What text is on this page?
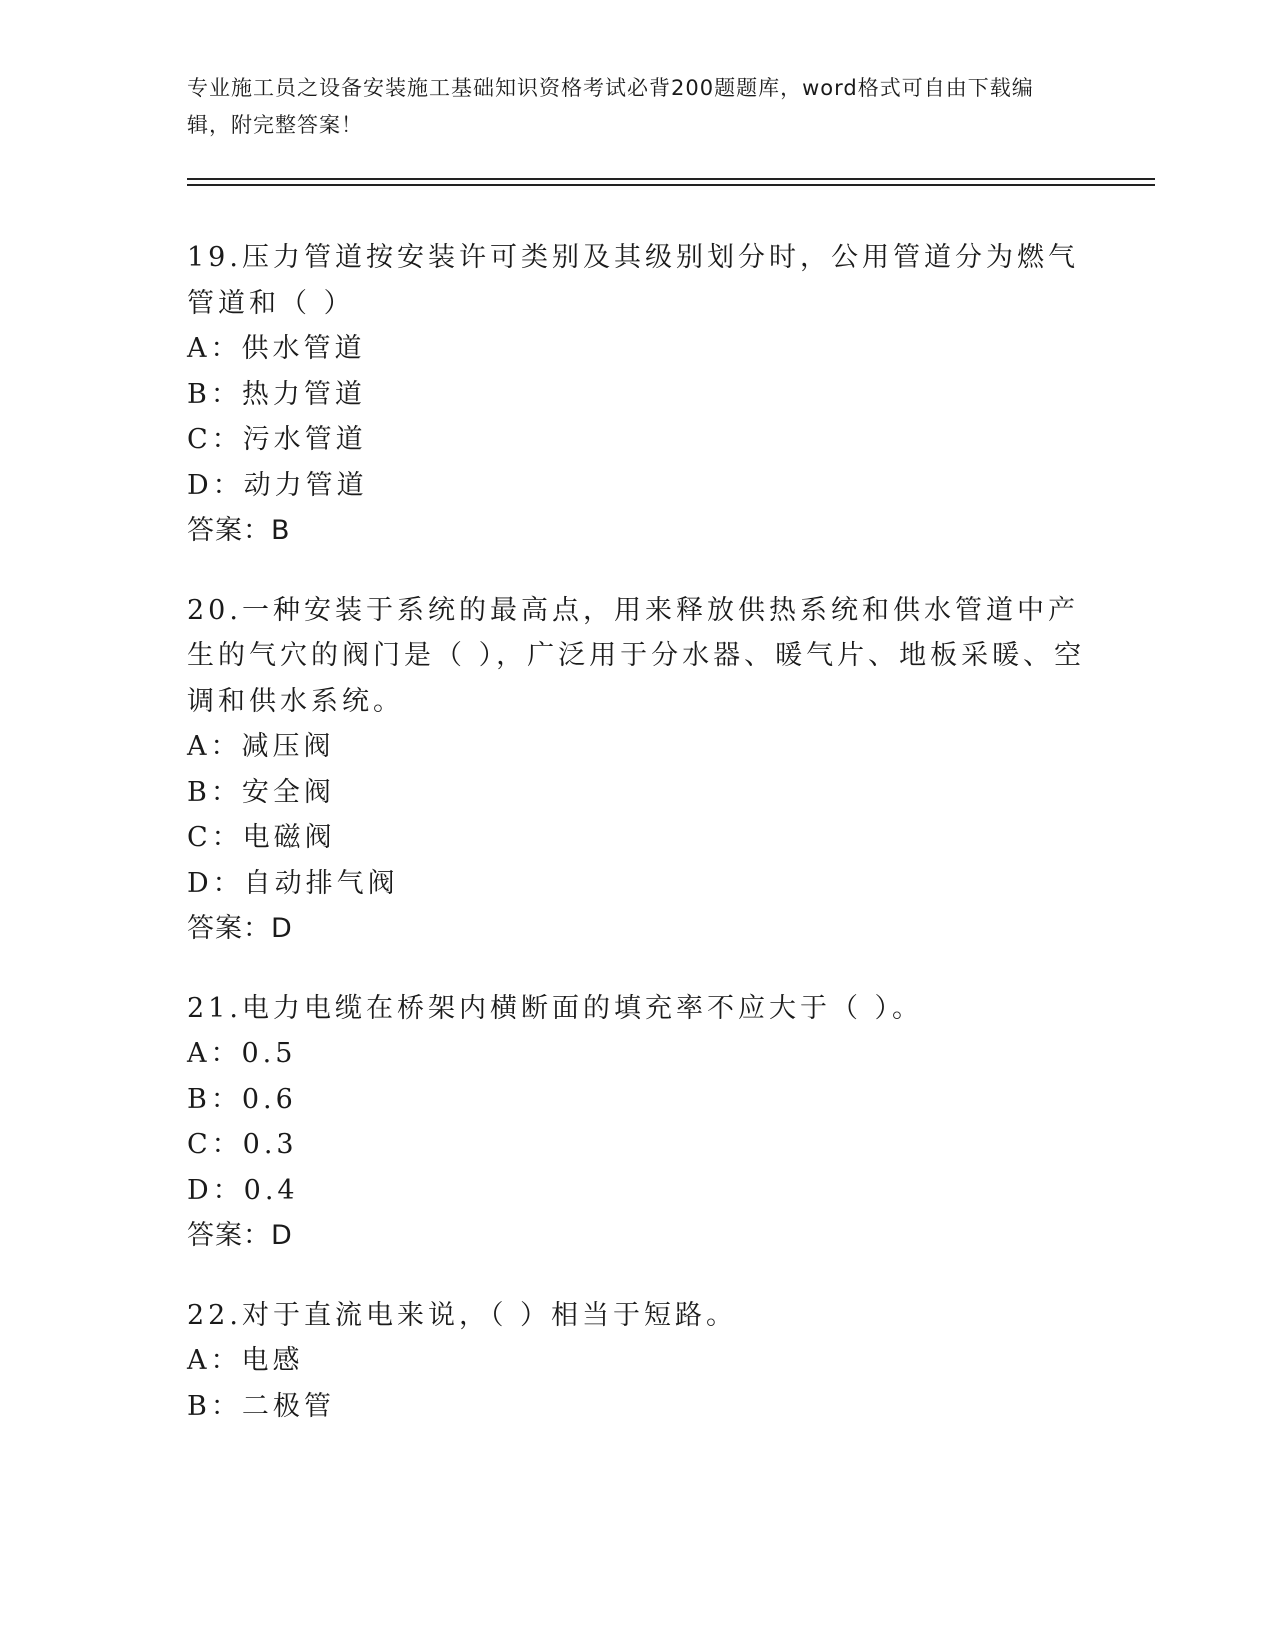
专业施工员之设备安装施工基础知识资格考试必背200题题库，word格式可自由下载编辑，附完整答案！

19.压力管道按安装许可类别及其级别划分时，公用管道分为燃气管道和（ ）

A：供水管道

B：热力管道

C：污水管道

D：动力管道

答案：B

20.一种安装于系统的最高点，用来释放供热系统和供水管道中产生的气穴的阀门是（ ），广泛用于分水器、暖气片、地板采暖、空调和供水系统。

A：减压阀

B：安全阀

C：电磁阀

D：自动排气阀

答案：D

21.电力电缆在桥架内横断面的填充率不应大于（ ）。

A：0.5

B：0.6

C：0.3

D：0.4

答案：D

22.对于直流电来说，（ ）相当于短路。

A：电感

B：二极管
